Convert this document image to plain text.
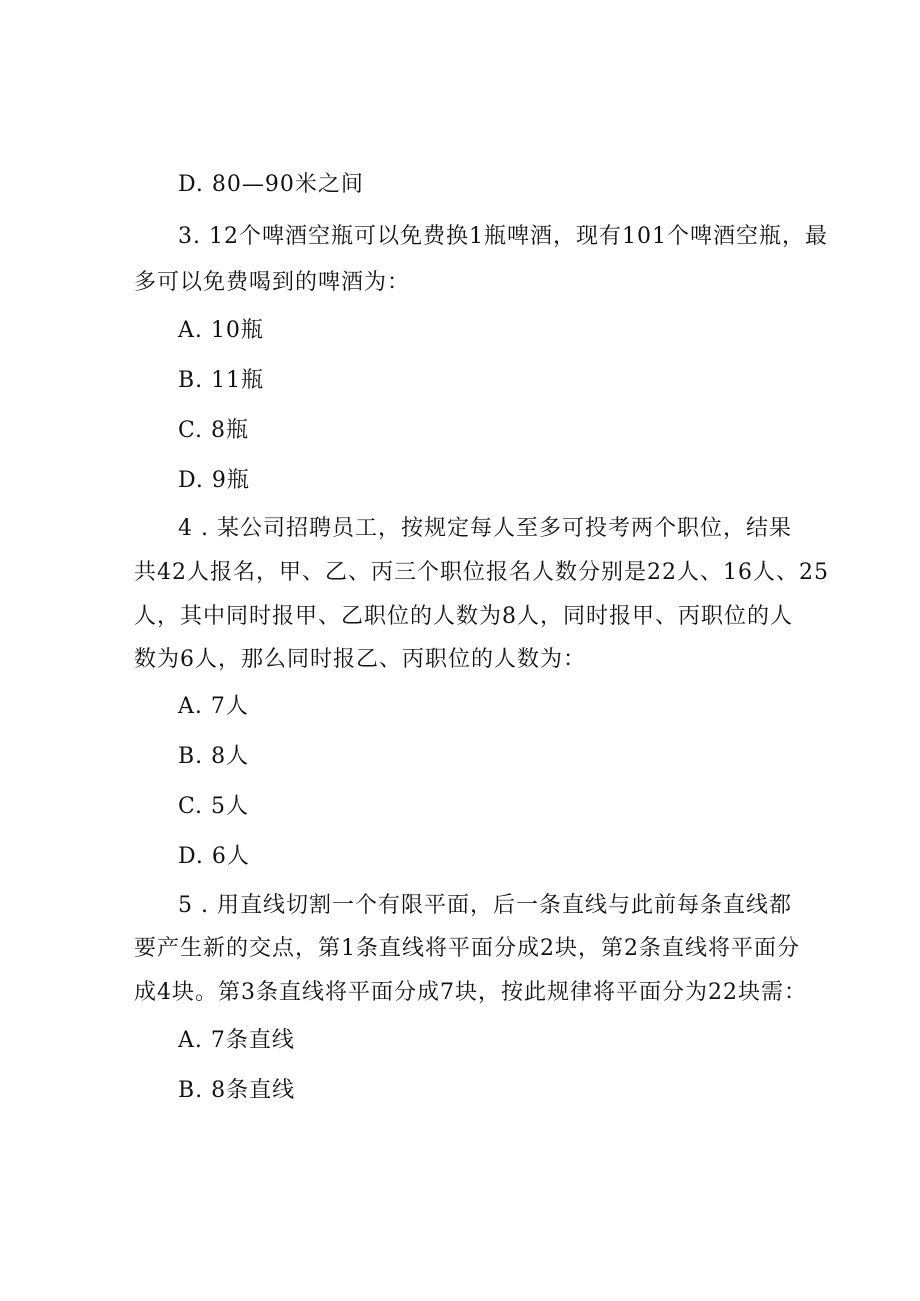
D. 80—90米之间
3. 12个啤酒空瓶可以免费换1瓶啤酒，现有101个啤酒空瓶，最
多可以免费喝到的啤酒为：
A. 10瓶
B. 11瓶
C. 8瓶
D. 9瓶
4 . 某公司招聘员工，按规定每人至多可投考两个职位，结果
共42人报名，甲、乙、丙三个职位报名人数分别是22人、16人、25
人，其中同时报甲、乙职位的人数为8人，同时报甲、丙职位的人
数为6人，那么同时报乙、丙职位的人数为：
A. 7人
B. 8人
C. 5人
D. 6人
5 . 用直线切割一个有限平面，后一条直线与此前每条直线都
要产生新的交点，第1条直线将平面分成2块，第2条直线将平面分
成4块。第3条直线将平面分成7块，按此规律将平面分为22块需：
A. 7条直线
B. 8条直线
